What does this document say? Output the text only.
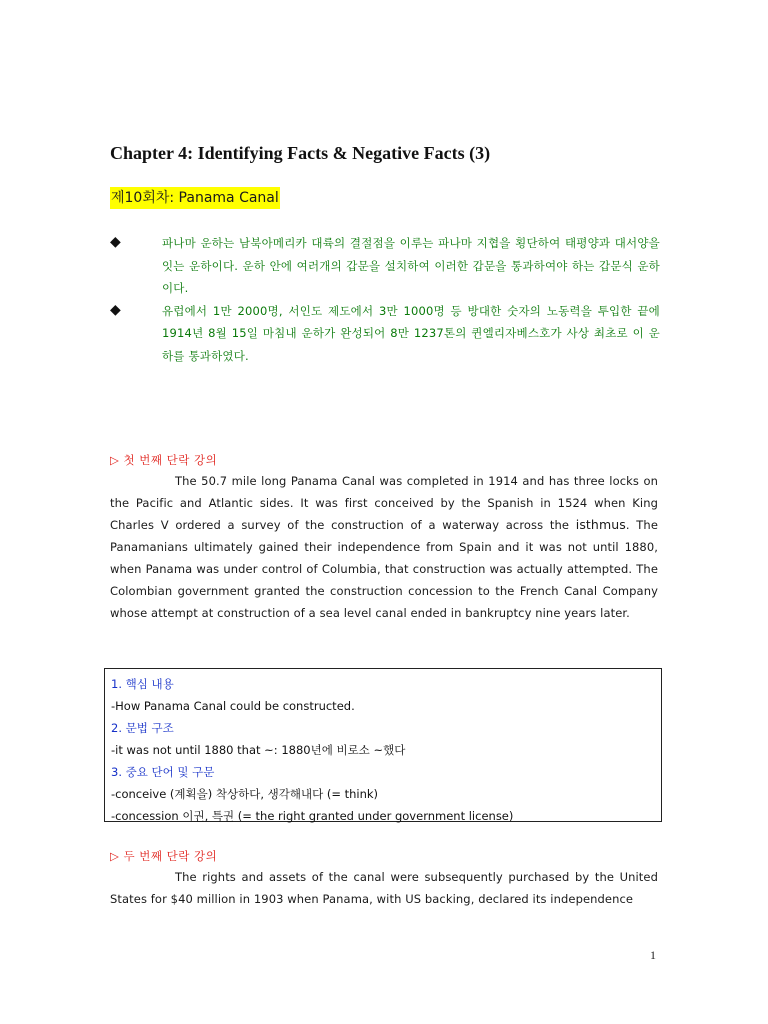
Chapter 4: Identifying Facts & Negative Facts (3)
제10회차: Panama Canal
◆	파나마 운하는 남북아메리카 대륙의 결절점을 이루는 파나마 지협을 횡단하여 태평양과 대서양을 잇는 운하이다. 운하 안에 여러개의 갑문을 설치하여 이러한 갑문을 통과하여야 하는 갑문식 운하이다.
◆	유럽에서 1만 2000명, 서인도 제도에서 3만 1000명 등 방대한 숫자의 노동력을 투입한 끝에 1914년 8월 15일 마침내 운하가 완성되어 8만 1237톤의 퀸엘리자베스호가 사상 최초로 이 운하를 통과하였다.
▷ 첫 번째 단락 강의
The 50.7 mile long Panama Canal was completed in 1914 and has three locks on the Pacific and Atlantic sides. It was first conceived by the Spanish in 1524 when King Charles V ordered a survey of the construction of a waterway across the isthmus. The Panamanians ultimately gained their independence from Spain and it was not until 1880, when Panama was under control of Columbia, that construction was actually attempted. The Colombian government granted the construction concession to the French Canal Company whose attempt at construction of a sea level canal ended in bankruptcy nine years later.
1. 핵심 내용
-How Panama Canal could be constructed.
2. 문법 구조
-it was not until 1880 that ~: 1880년에 비로소 ~했다
3. 중요 단어 및 구문
-conceive (계획을) 착상하다, 생각해내다 (= think)
-concession 이권, 특권 (= the right granted under government license)
▷ 두 번째 단락 강의
The rights and assets of the canal were subsequently purchased by the United States for $40 million in 1903 when Panama, with US backing, declared its independence
1
